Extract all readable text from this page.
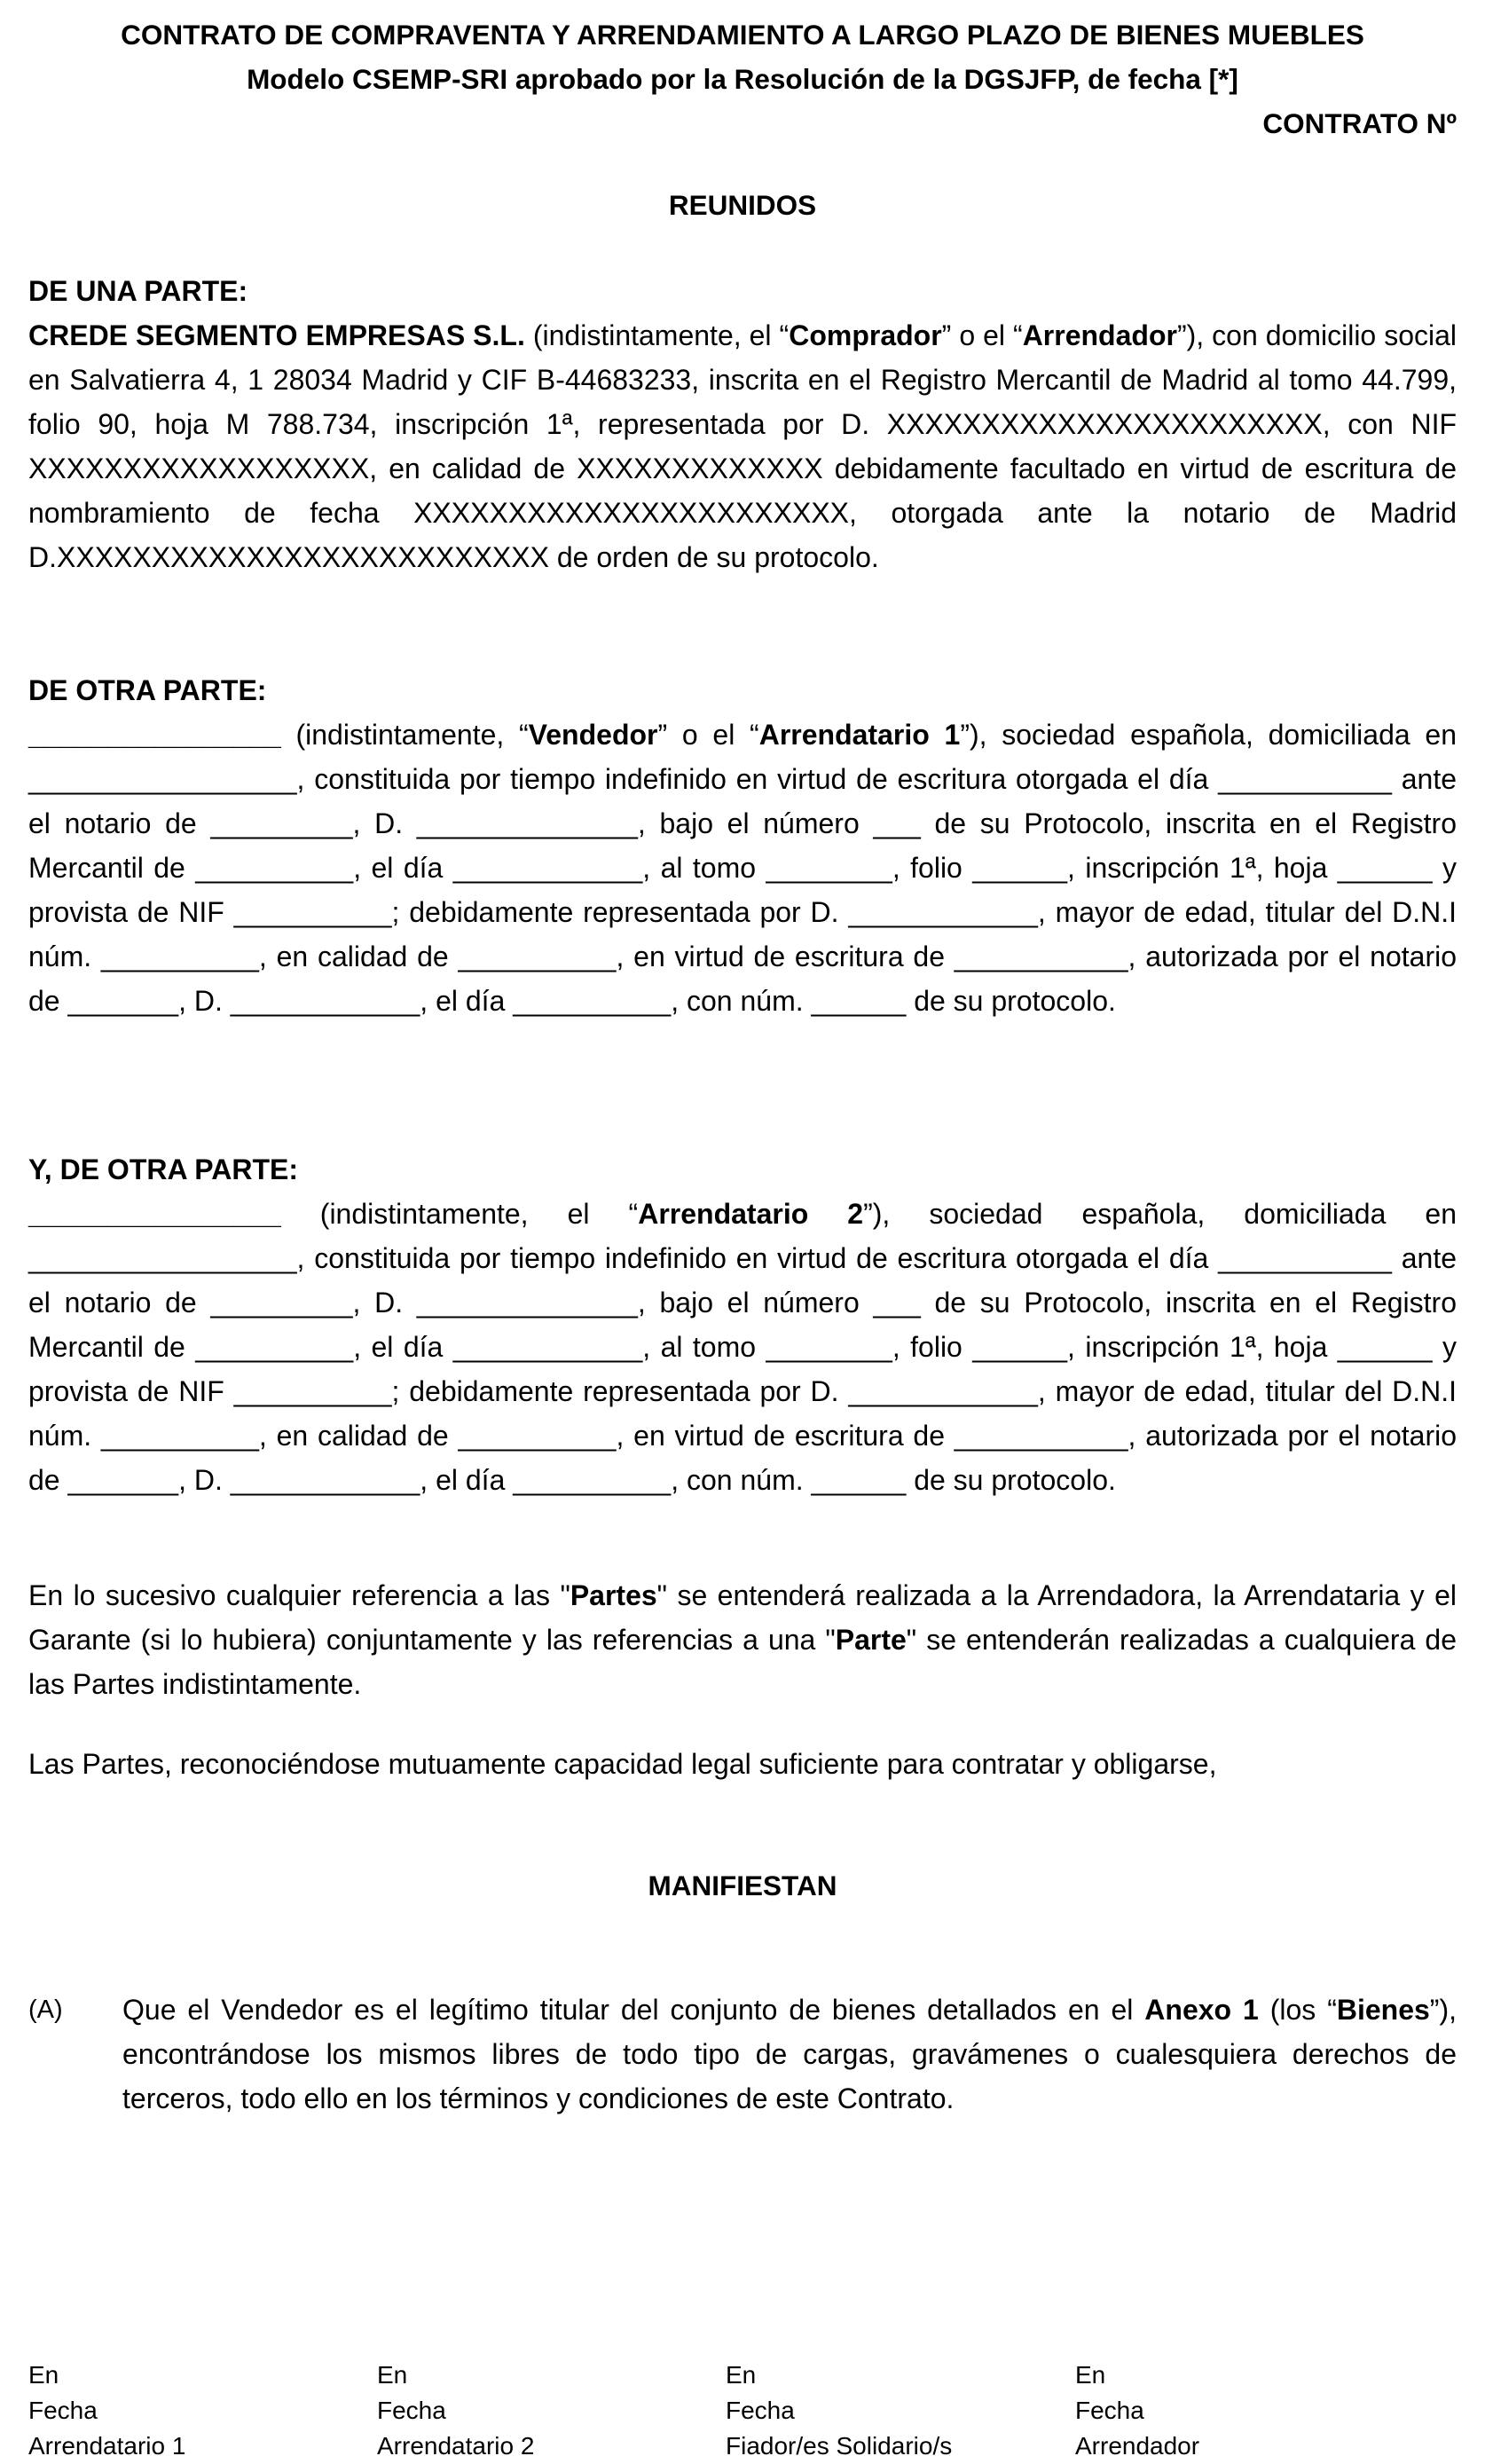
CONTRATO DE COMPRAVENTA Y ARRENDAMIENTO A LARGO PLAZO DE BIENES MUEBLES
Modelo CSEMP-SRI aprobado por la Resolución de la DGSJFP, de fecha [*]
CONTRATO Nº
REUNIDOS
DE UNA PARTE:
CREDE SEGMENTO EMPRESAS S.L. (indistintamente, el “Comprador” o el “Arrendador”), con domicilio social en Salvatierra 4, 1 28034 Madrid y CIF B-44683233, inscrita en el Registro Mercantil de Madrid al tomo 44.799, folio 90, hoja M 788.734, inscripción 1ª, representada por D. XXXXXXXXXXXXXXXXXXXXXXX, con NIF XXXXXXXXXXXXXXXXXX, en calidad de XXXXXXXXXXXXX debidamente facultado en virtud de escritura de nombramiento de fecha XXXXXXXXXXXXXXXXXXXXXXX, otorgada ante la notario de Madrid D.XXXXXXXXXXXXXXXXXXXXXXXXXX de orden de su protocolo.
DE OTRA PARTE:
________________ (indistintamente, “Vendedor” o el “Arrendatario 1”), sociedad española, domiciliada en _________________, constituida por tiempo indefinido en virtud de escritura otorgada el día ___________ ante el notario de _________, D. ______________, bajo el número ___ de su Protocolo, inscrita en el Registro Mercantil de __________, el día ____________, al tomo ________, folio ______, inscripción 1ª, hoja ______ y provista de NIF __________; debidamente representada por D. ____________, mayor de edad, titular del D.N.I núm. __________, en calidad de __________, en virtud de escritura de ___________, autorizada por el notario de _______, D. ____________, el día __________, con núm. ______ de su protocolo.
Y, DE OTRA PARTE:
________________ (indistintamente, el “Arrendatario 2”), sociedad española, domiciliada en _________________, constituida por tiempo indefinido en virtud de escritura otorgada el día ___________ ante el notario de _________, D. ______________, bajo el número ___ de su Protocolo, inscrita en el Registro Mercantil de __________, el día ____________, al tomo ________, folio ______, inscripción 1ª, hoja ______ y provista de NIF __________; debidamente representada por D. ____________, mayor de edad, titular del D.N.I núm. __________, en calidad de __________, en virtud de escritura de ___________, autorizada por el notario de _______, D. ____________, el día __________, con núm. ______ de su protocolo.
En lo sucesivo cualquier referencia a las "Partes" se entenderá realizada a la Arrendadora, la Arrendataria y el Garante (si lo hubiera) conjuntamente y las referencias a una "Parte" se entenderán realizadas a cualquiera de las Partes indistintamente.
Las Partes, reconociéndose mutuamente capacidad legal suficiente para contratar y obligarse,
MANIFIESTAN
(A) Que el Vendedor es el legítimo titular del conjunto de bienes detallados en el Anexo 1 (los “Bienes”), encontrándose los mismos libres de todo tipo de cargas, gravámenes o cualesquiera derechos de terceros, todo ello en los términos y condiciones de este Contrato.
En
Fecha
Arrendatario 1
En
Fecha
Arrendatario 2
En
Fecha
Fiador/es Solidario/s
En
Fecha
Arrendador
